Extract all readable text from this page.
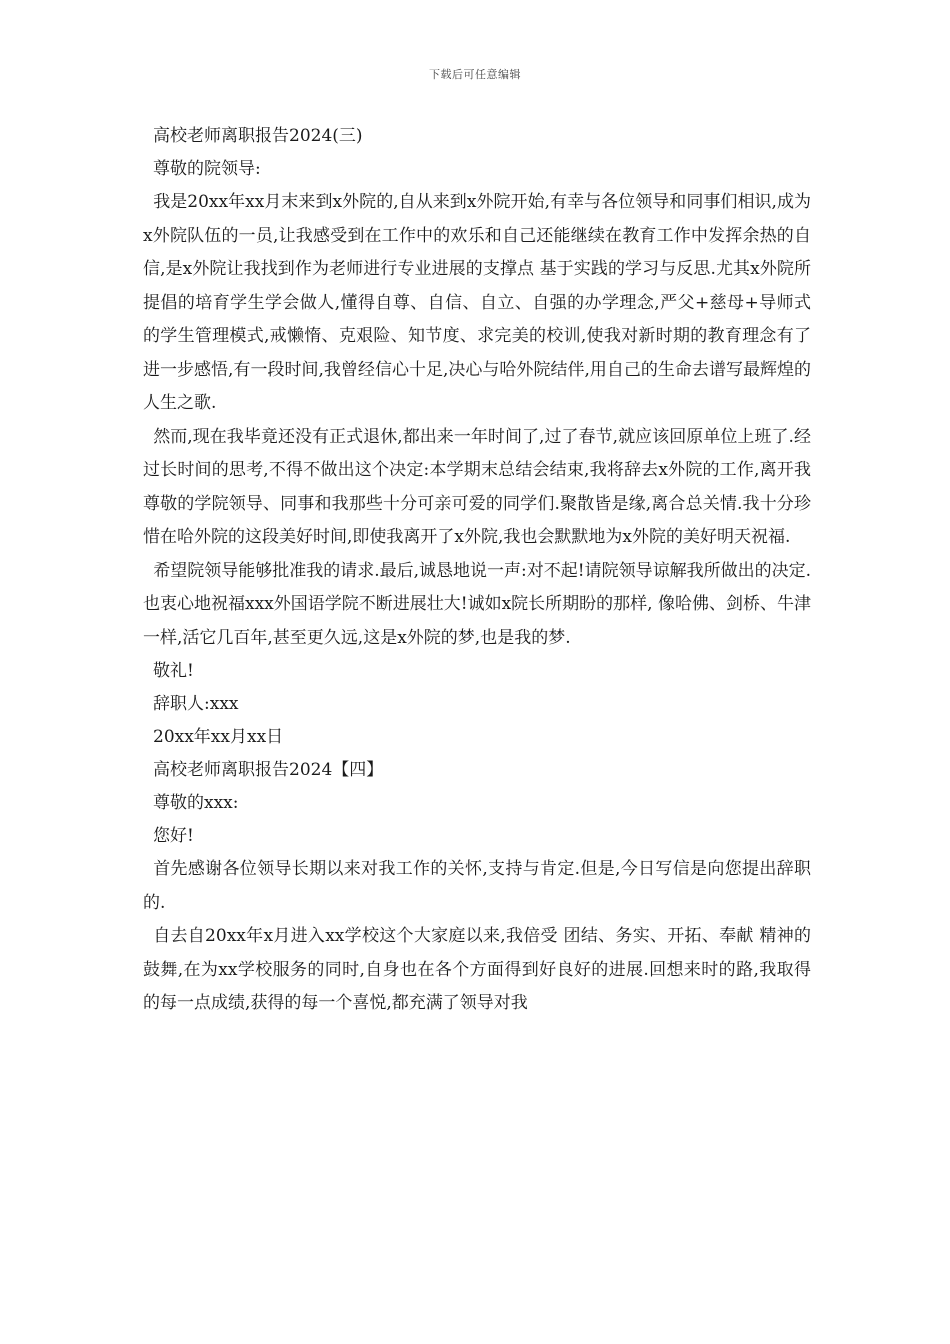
下载后可任意编辑
高校老师离职报告2024(三)
尊敬的院领导:
我是20xx年xx月末来到x外院的,自从来到x外院开始,有幸与各位领导和同事们相识,成为x外院队伍的一员,让我感受到在工作中的欢乐和自己还能继续在教育工作中发挥余热的自信,是x外院让我找到作为老师进行专业进展的支撑点 基于实践的学习与反思.尤其x外院所提倡的培育学生学会做人,懂得自尊、自信、自立、自强的办学理念,严父+慈母+导师式的学生管理模式,戒懒惰、克艰险、知节度、求完美的校训,使我对新时期的教育理念有了进一步感悟,有一段时间,我曾经信心十足,决心与哈外院结伴,用自己的生命去谱写最辉煌的人生之歌.
然而,现在我毕竟还没有正式退休,都出来一年时间了,过了春节,就应该回原单位上班了.经过长时间的思考,不得不做出这个决定:本学期末总结会结束,我将辞去x外院的工作,离开我尊敬的学院领导、同事和我那些十分可亲可爱的同学们.聚散皆是缘,离合总关情.我十分珍惜在哈外院的这段美好时间,即使我离开了x外院,我也会默默地为x外院的美好明天祝福.
希望院领导能够批准我的请求.最后,诚恳地说一声:对不起!请院领导谅解我所做出的决定.也衷心地祝福xxx外国语学院不断进展壮大!诚如x院长所期盼的那样, 像哈佛、剑桥、牛津一样,活它几百年,甚至更久远,这是x外院的梦,也是我的梦.
敬礼!
辞职人:xxx
20xx年xx月xx日
高校老师离职报告2024【四】
尊敬的xxx:
您好!
首先感谢各位领导长期以来对我工作的关怀,支持与肯定.但是,今日写信是向您提出辞职的.
自去自20xx年x月进入xx学校这个大家庭以来,我倍受 团结、务实、开拓、奉献 精神的鼓舞,在为xx学校服务的同时,自身也在各个方面得到好良好的进展.回想来时的路,我取得的每一点成绩,获得的每一个喜悦,都充满了领导对我
